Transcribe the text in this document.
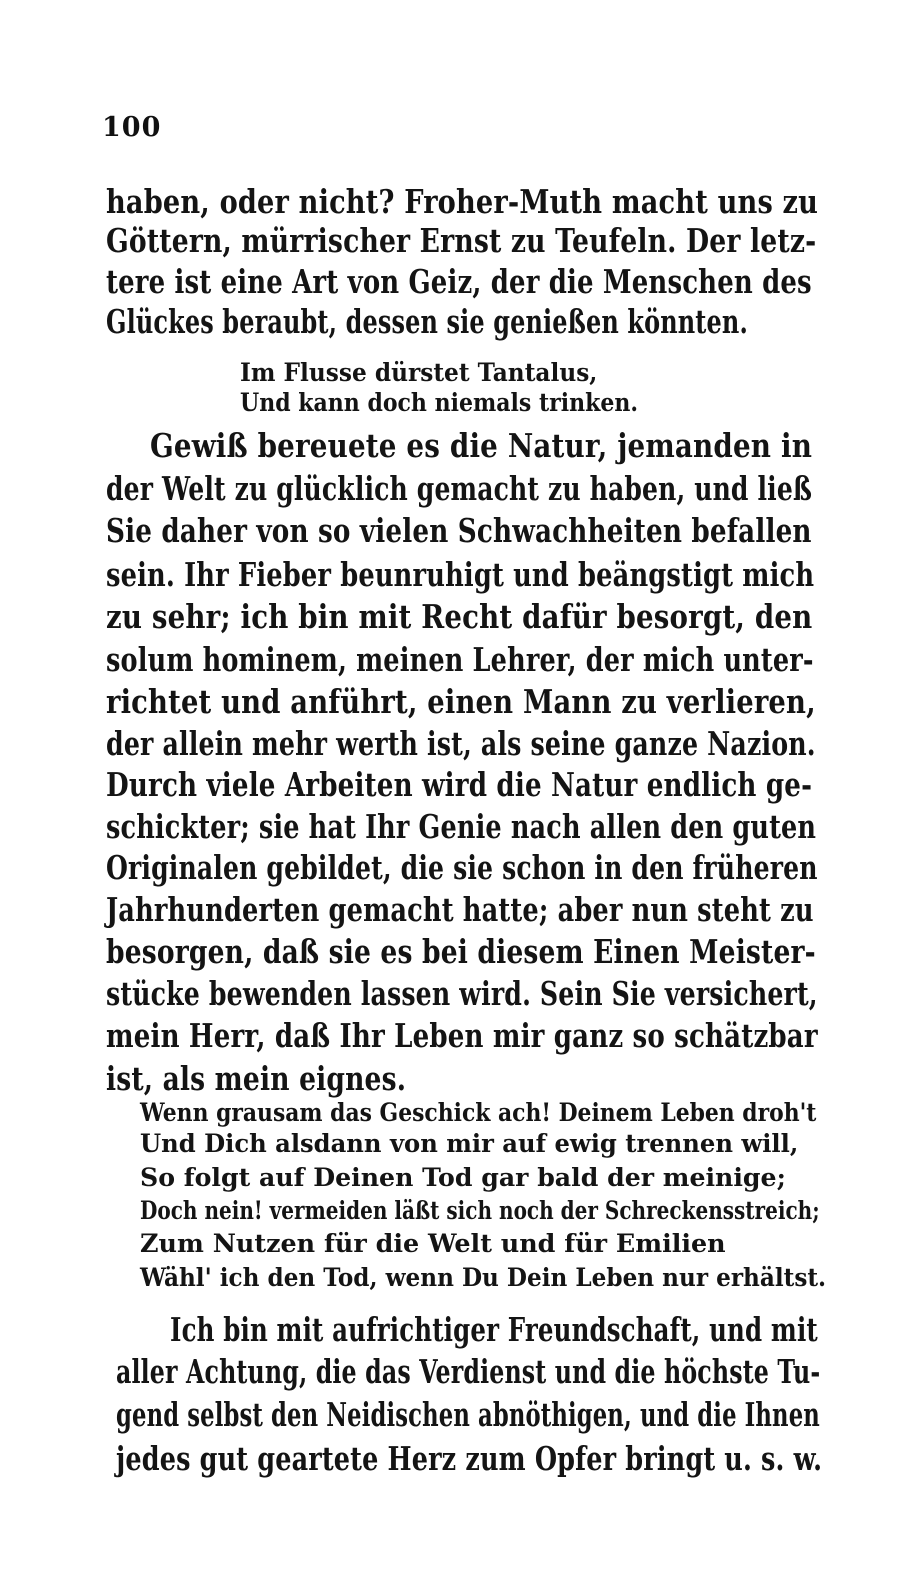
100
haben, oder nicht? Froher-Muth macht uns zu
Göttern, mürrischer Ernst zu Teufeln. Der letz-
tere ist eine Art von Geiz, der die Menschen des
Glückes beraubt, dessen sie genießen könnten.
Im Flusse dürstet Tantalus,
Und kann doch niemals trinken.
Gewiß bereuete es die Natur, jemanden in
der Welt zu glücklich gemacht zu haben, und ließ
Sie daher von so vielen Schwachheiten befallen
sein. Ihr Fieber beunruhigt und beängstigt mich
zu sehr; ich bin mit Recht dafür besorgt, den
solum hominem, meinen Lehrer, der mich unter-
richtet und anführt, einen Mann zu verlieren,
der allein mehr werth ist, als seine ganze Nazion.
Durch viele Arbeiten wird die Natur endlich ge-
schickter; sie hat Ihr Genie nach allen den guten
Originalen gebildet, die sie schon in den früheren
Jahrhunderten gemacht hatte; aber nun steht zu
besorgen, daß sie es bei diesem Einen Meister-
stücke bewenden lassen wird. Sein Sie versichert,
mein Herr, daß Ihr Leben mir ganz so schätzbar
ist, als mein eignes.
Wenn grausam das Geschick ach! Deinem Leben droh't
Und Dich alsdann von mir auf ewig trennen will,
So folgt auf Deinen Tod gar bald der meinige;
Doch nein! vermeiden läßt sich noch der Schreckensstreich;
Zum Nutzen für die Welt und für Emilien
Wähl' ich den Tod, wenn Du Dein Leben nur erhältst.
Ich bin mit aufrichtiger Freundschaft, und mit
aller Achtung, die das Verdienst und die höchste Tu-
gend selbst den Neidischen abnöthigen, und die Ihnen
jedes gut geartete Herz zum Opfer bringt u. s. w.
